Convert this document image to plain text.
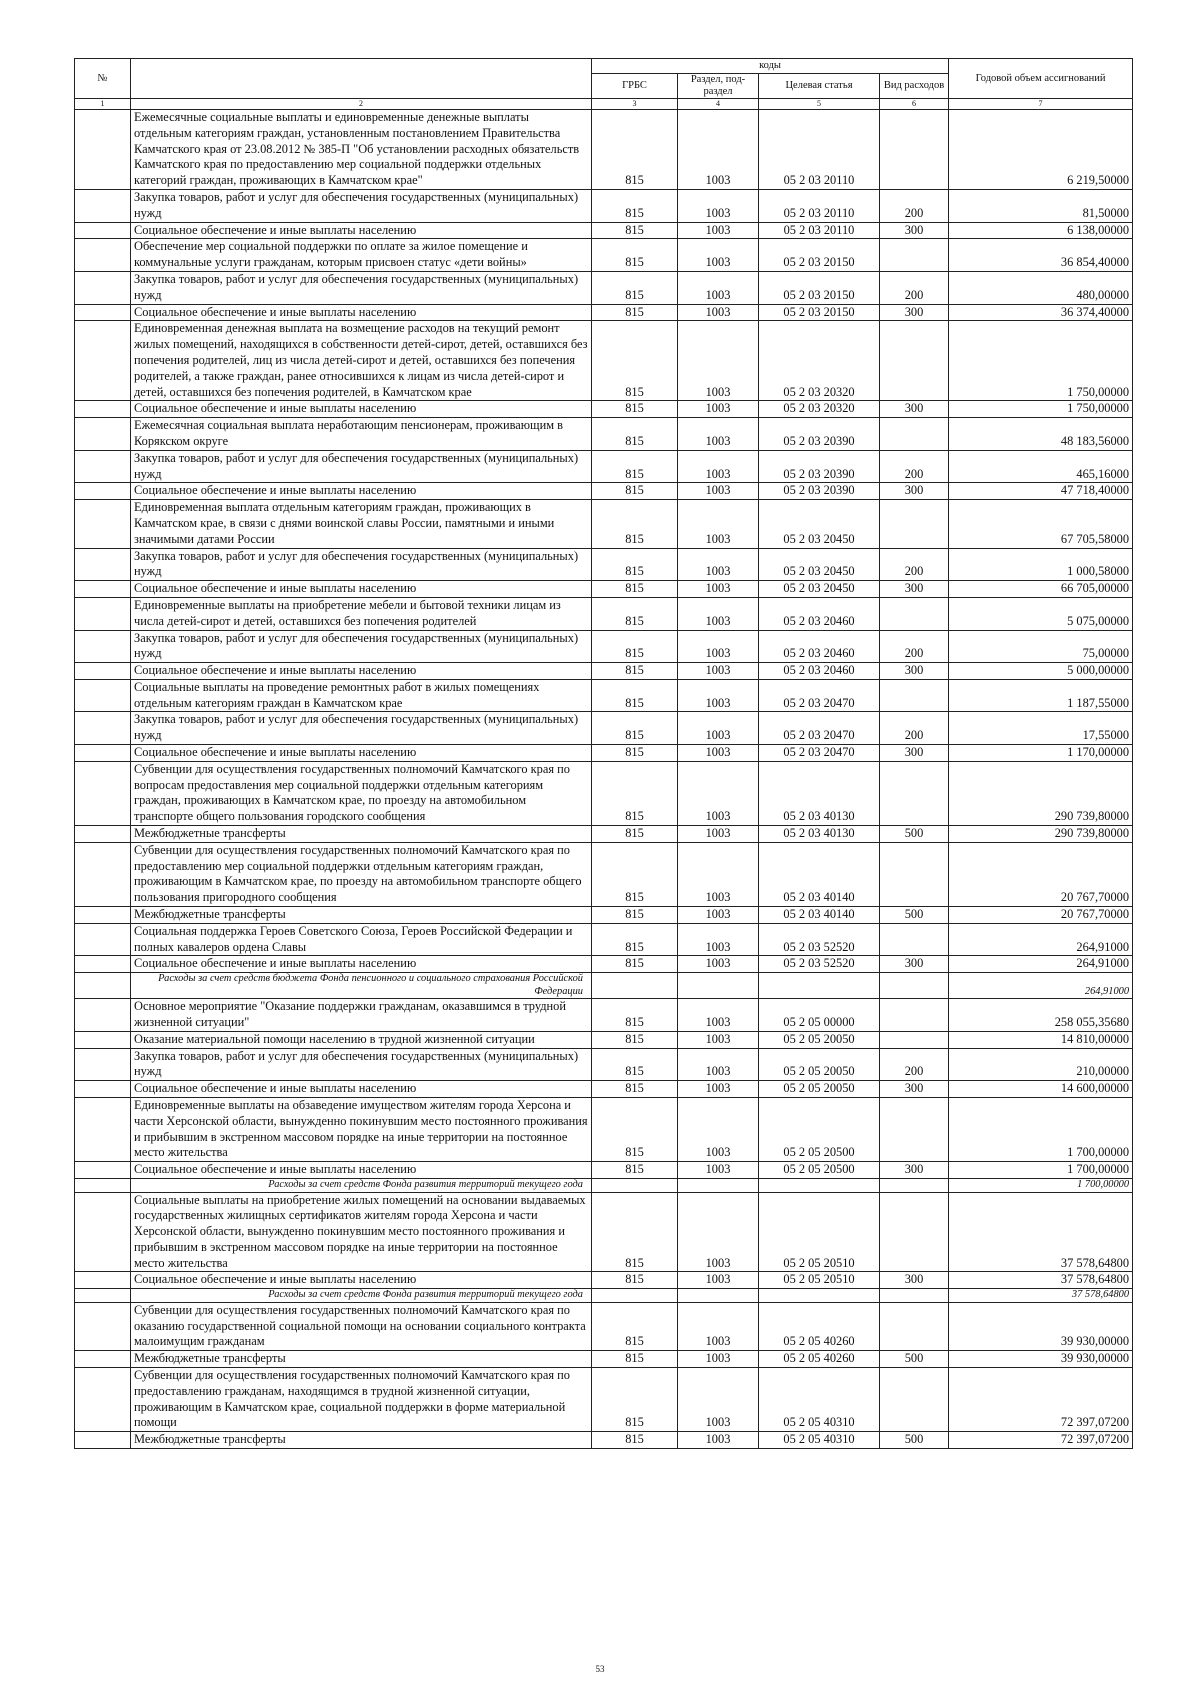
№		коды				Годовой объем ассигнований
		ГРБС	Раздел, под-раздел	Целевая статья	Вид расходов	
1	2	3	4	5	6	7
	Ежемесячные социальные выплаты и единовременные денежные выплаты отдельным категориям граждан, установленным постановлением Правительства Камчатского края от 23.08.2012 № 385-П "Об установлении расходных обязательств Камчатского края по предоставлению мер социальной поддержки отдельных категорий граждан, проживающих в Камчатском крае"	815	1003	05 2 03 20110		6 219,50000
	Закупка товаров, работ и услуг для обеспечения государственных (муниципальных) нужд	815	1003	05 2 03 20110	200	81,50000
	Социальное обеспечение и иные выплаты населению	815	1003	05 2 03 20110	300	6 138,00000
	Обеспечение мер социальной поддержки по оплате за жилое помещение и коммунальные услуги гражданам, которым присвоен статус «дети войны»	815	1003	05 2 03 20150		36 854,40000
	Закупка товаров, работ и услуг для обеспечения государственных (муниципальных) нужд	815	1003	05 2 03 20150	200	480,00000
	Социальное обеспечение и иные выплаты населению	815	1003	05 2 03 20150	300	36 374,40000
	Единовременная денежная выплата на возмещение расходов на текущий ремонт жилых помещений, находящихся в собственности детей-сирот, детей, оставшихся без попечения родителей, лиц из числа детей-сирот и детей, оставшихся без попечения родителей, а также граждан, ранее относившихся к лицам из числа детей-сирот и детей, оставшихся без попечения родителей, в Камчатском крае	815	1003	05 2 03 20320		1 750,00000
	Социальное обеспечение и иные выплаты населению	815	1003	05 2 03 20320	300	1 750,00000
	Ежемесячная социальная выплата неработающим пенсионерам, проживающим в Корякском округе	815	1003	05 2 03 20390		48 183,56000
	Закупка товаров, работ и услуг для обеспечения государственных (муниципальных) нужд	815	1003	05 2 03 20390	200	465,16000
	Социальное обеспечение и иные выплаты населению	815	1003	05 2 03 20390	300	47 718,40000
	Единовременная выплата отдельным категориям граждан, проживающих в Камчатском крае, в связи с днями воинской славы России, памятными и иными значимыми датами России	815	1003	05 2 03 20450		67 705,58000
	Закупка товаров, работ и услуг для обеспечения государственных (муниципальных) нужд	815	1003	05 2 03 20450	200	1 000,58000
	Социальное обеспечение и иные выплаты населению	815	1003	05 2 03 20450	300	66 705,00000
	Единовременные выплаты на приобретение мебели и бытовой техники лицам из числа детей-сирот и детей, оставшихся без попечения родителей	815	1003	05 2 03 20460		5 075,00000
	Закупка товаров, работ и услуг для обеспечения государственных (муниципальных) нужд	815	1003	05 2 03 20460	200	75,00000
	Социальное обеспечение и иные выплаты населению	815	1003	05 2 03 20460	300	5 000,00000
	Социальные выплаты на проведение ремонтных работ в жилых помещениях отдельным категориям граждан в Камчатском крае	815	1003	05 2 03 20470		1 187,55000
	Закупка товаров, работ и услуг для обеспечения государственных (муниципальных) нужд	815	1003	05 2 03 20470	200	17,55000
	Социальное обеспечение и иные выплаты населению	815	1003	05 2 03 20470	300	1 170,00000
	Субвенции для осуществления государственных полномочий Камчатского края по вопросам предоставления мер социальной поддержки отдельным категориям граждан, проживающих в Камчатском крае, по проезду на автомобильном транспорте общего пользования городского сообщения	815	1003	05 2 03 40130		290 739,80000
	Межбюджетные трансферты	815	1003	05 2 03 40130	500	290 739,80000
	Субвенции для осуществления государственных полномочий Камчатского края по предоставлению мер социальной поддержки отдельным категориям граждан, проживающим в Камчатском крае, по проезду на автомобильном транспорте общего пользования пригородного сообщения	815	1003	05 2 03 40140		20 767,70000
	Межбюджетные трансферты	815	1003	05 2 03 40140	500	20 767,70000
	Социальная поддержка Героев Советского Союза, Героев Российской Федерации и полных кавалеров ордена Славы	815	1003	05 2 03 52520		264,91000
	Социальное обеспечение и иные выплаты населению	815	1003	05 2 03 52520	300	264,91000
	Расходы за счет средств бюджета Фонда пенсионного и социального страхования Российской Федерации					264,91000
	Основное мероприятие "Оказание поддержки гражданам, оказавшимся в трудной жизненной ситуации"	815	1003	05 2 05 00000		258 055,35680
	Оказание материальной помощи населению в трудной жизненной ситуации	815	1003	05 2 05 20050		14 810,00000
	Закупка товаров, работ и услуг для обеспечения государственных (муниципальных) нужд	815	1003	05 2 05 20050	200	210,00000
	Социальное обеспечение и иные выплаты населению	815	1003	05 2 05 20050	300	14 600,00000
	Единовременные выплаты на обзаведение имуществом жителям города Херсона и части Херсонской области, вынужденно покинувшим место постоянного проживания и прибывшим в экстренном массовом порядке на иные территории на постоянное место жительства	815	1003	05 2 05 20500		1 700,00000
	Социальное обеспечение и иные выплаты населению	815	1003	05 2 05 20500	300	1 700,00000
	Расходы за счет средств Фонда развития территорий текущего года					1 700,00000
	Социальные выплаты на приобретение жилых помещений на основании выдаваемых государственных жилищных сертификатов жителям города Херсона и части Херсонской области, вынужденно покинувшим место постоянного проживания и прибывшим в экстренном массовом порядке на иные территории на постоянное место жительства	815	1003	05 2 05 20510		37 578,64800
	Социальное обеспечение и иные выплаты населению	815	1003	05 2 05 20510	300	37 578,64800
	Расходы за счет средств Фонда развития территорий текущего года					37 578,64800
	Субвенции для осуществления государственных полномочий Камчатского края по оказанию государственной социальной помощи на основании социального контракта малоимущим гражданам	815	1003	05 2 05 40260		39 930,00000
	Межбюджетные трансферты	815	1003	05 2 05 40260	500	39 930,00000
	Субвенции для осуществления государственных полномочий Камчатского края по предоставлению гражданам, находящимся в трудной жизненной ситуации, проживающим в Камчатском крае, социальной поддержки в форме материальной помощи	815	1003	05 2 05 40310		72 397,07200
	Межбюджетные трансферты	815	1003	05 2 05 40310	500	72 397,07200
53
